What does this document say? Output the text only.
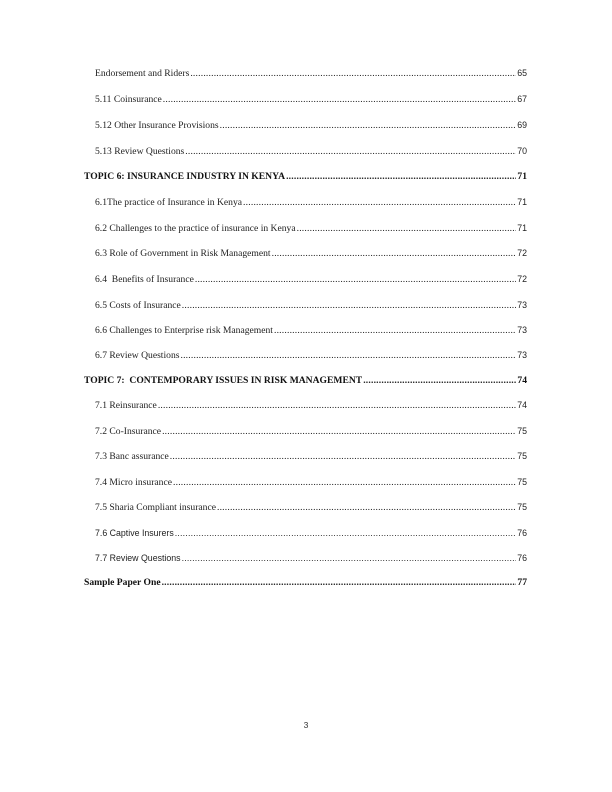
Endorsement and Riders .....	65
5.11 Coinsurance .....	67
5.12 Other Insurance Provisions .....	69
5.13 Review Questions .....	70
TOPIC 6: INSURANCE INDUSTRY IN KENYA .....	71
6.1The practice of Insurance in Kenya .....	71
6.2 Challenges to the practice of insurance in Kenya .....	71
6.3 Role of Government in Risk Management .....	72
6.4  Benefits of Insurance .....	72
6.5 Costs of Insurance .....	73
6.6 Challenges to Enterprise risk Management .....	73
6.7 Review Questions .....	73
TOPIC 7:  CONTEMPORARY ISSUES IN RISK MANAGEMENT .....	74
7.1 Reinsurance .....	74
7.2 Co-Insurance .....	75
7.3 Banc assurance .....	75
7.4 Micro insurance .....	75
7.5 Sharia Compliant insurance .....	75
7.6 Captive Insurers .....	76
7.7 Review Questions .....	76
Sample Paper One .....	77
3
